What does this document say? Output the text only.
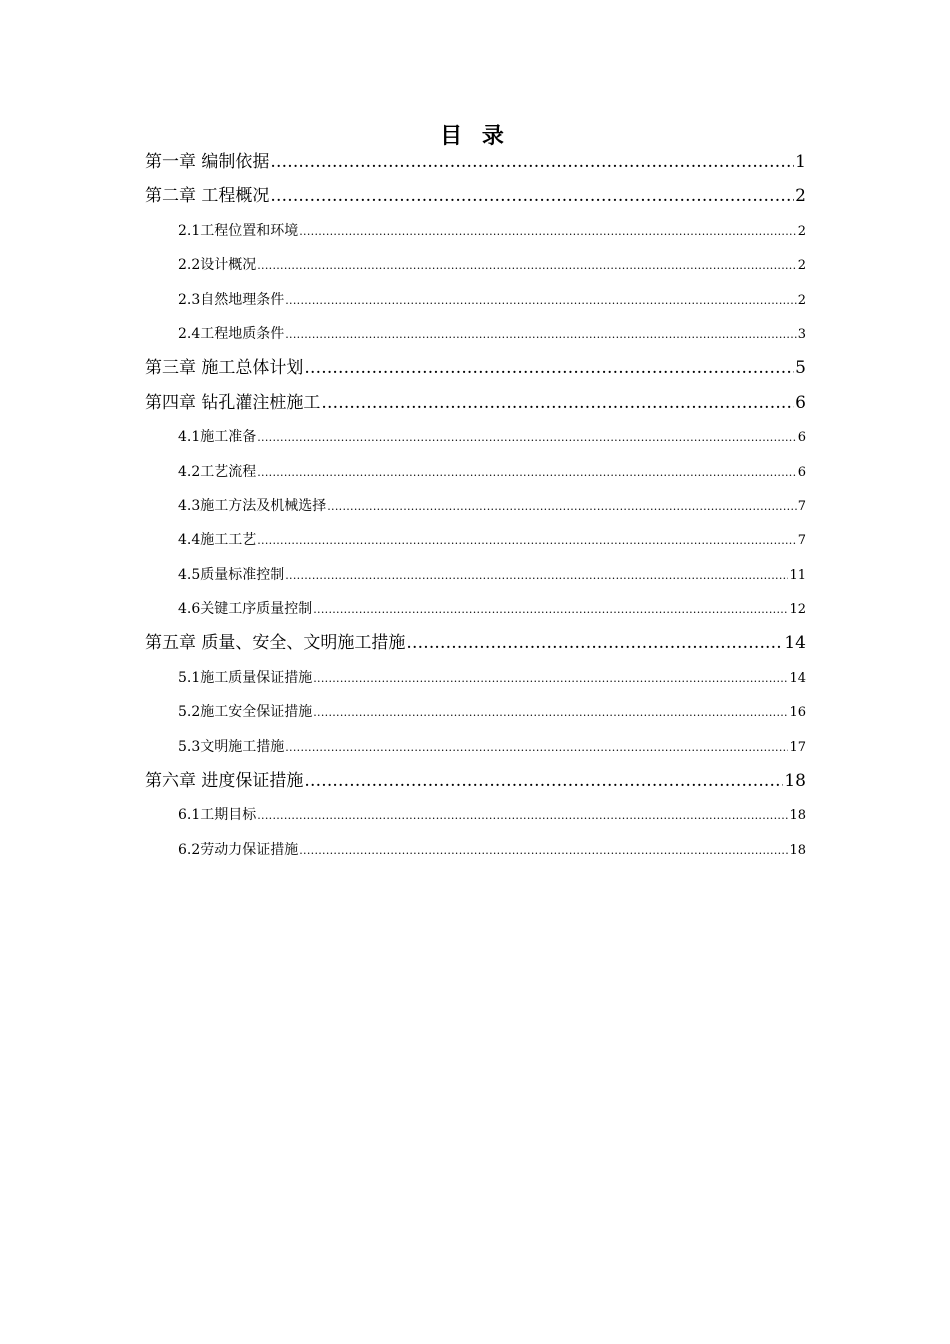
目 录
第一章 编制依据 .....	1
第二章 工程概况 .....	2
2.1工程位置和环境 .....	2
2.2设计概况 .....	2
2.3自然地理条件 .....	2
2.4工程地质条件 .....	3
第三章 施工总体计划 .....	5
第四章 钻孔灌注桩施工 .....	6
4.1施工准备 .....	6
4.2工艺流程 .....	6
4.3施工方法及机械选择 .....	7
4.4施工工艺 .....	7
4.5质量标准控制 .....	11
4.6关键工序质量控制 .....	12
第五章 质量、安全、文明施工措施 .....	14
5.1施工质量保证措施 .....	14
5.2施工安全保证措施 .....	16
5.3文明施工措施 .....	17
第六章 进度保证措施 .....	18
6.1工期目标 .....	18
6.2劳动力保证措施 .....	18
